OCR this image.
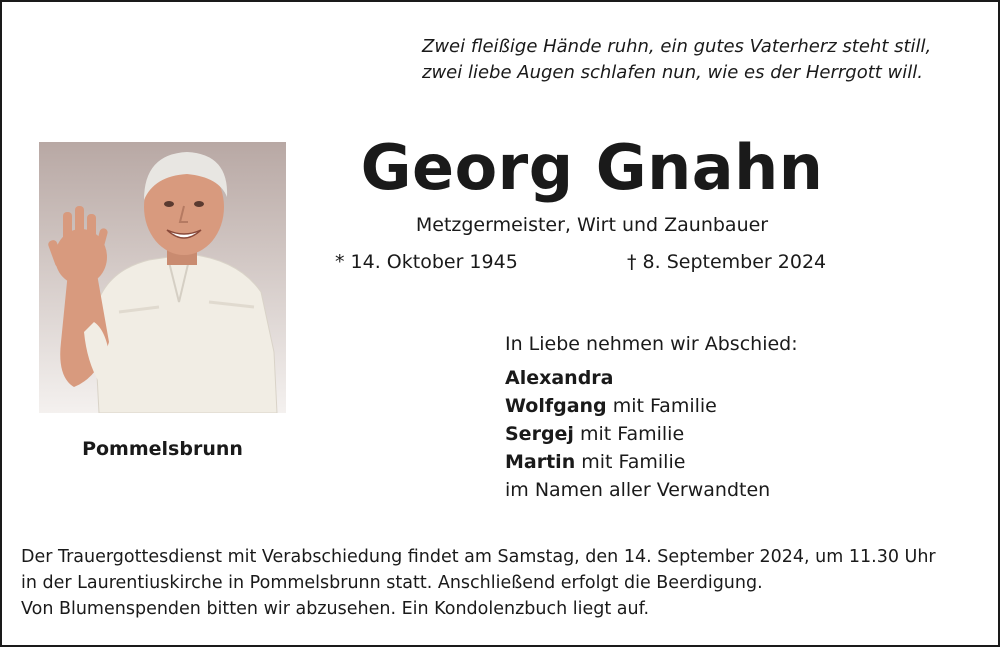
Zwei fleißige Hände ruhn, ein gutes Vaterherz steht still,
zwei liebe Augen schlafen nun, wie es der Herrgott will.
Pommelsbrunn
Georg Gnahn
Metzgermeister, Wirt und Zaunbauer
* 14. Oktober 1945	† 8. September 2024
In Liebe nehmen wir Abschied:
Alexandra
Wolfgang mit Familie
Sergej mit Familie
Martin mit Familie
im Namen aller Verwandten
Der Trauergottesdienst mit Verabschiedung findet am Samstag, den 14. September 2024, um 11.30 Uhr
in der Laurentiuskirche in Pommelsbrunn statt. Anschließend erfolgt die Beerdigung.
Von Blumenspenden bitten wir abzusehen. Ein Kondolenzbuch liegt auf.
